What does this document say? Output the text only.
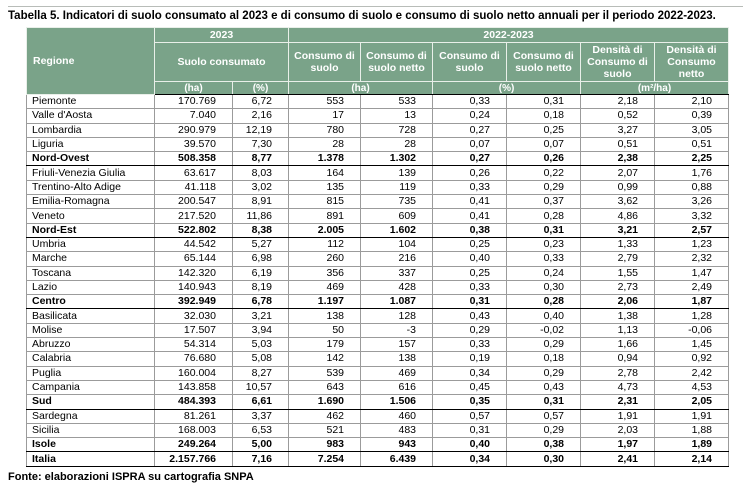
Tabella 5. Indicatori di suolo consumato al 2023 e di consumo di suolo e consumo di suolo netto annuali per il periodo 2022-2023.
Regione	2023		2022-2023					
	Suolo consumato		Consumo di suolo	Consumo di suolo netto	Consumo di suolo	Consumo di suolo netto	Densità di Consumo di suolo	Densità di Consumo netto
	(ha)	(%)	(ha)		(%)		(m²/ha)	
Piemonte	170.769	6,72	553	533	0,33	0,31	2,18	2,10
Valle d'Aosta	7.040	2,16	17	13	0,24	0,18	0,52	0,39
Lombardia	290.979	12,19	780	728	0,27	0,25	3,27	3,05
Liguria	39.570	7,30	28	28	0,07	0,07	0,51	0,51
Nord-Ovest	508.358	8,77	1.378	1.302	0,27	0,26	2,38	2,25
Friuli-Venezia Giulia	63.617	8,03	164	139	0,26	0,22	2,07	1,76
Trentino-Alto Adige	41.118	3,02	135	119	0,33	0,29	0,99	0,88
Emilia-Romagna	200.547	8,91	815	735	0,41	0,37	3,62	3,26
Veneto	217.520	11,86	891	609	0,41	0,28	4,86	3,32
Nord-Est	522.802	8,38	2.005	1.602	0,38	0,31	3,21	2,57
Umbria	44.542	5,27	112	104	0,25	0,23	1,33	1,23
Marche	65.144	6,98	260	216	0,40	0,33	2,79	2,32
Toscana	142.320	6,19	356	337	0,25	0,24	1,55	1,47
Lazio	140.943	8,19	469	428	0,33	0,30	2,73	2,49
Centro	392.949	6,78	1.197	1.087	0,31	0,28	2,06	1,87
Basilicata	32.030	3,21	138	128	0,43	0,40	1,38	1,28
Molise	17.507	3,94	50	-3	0,29	-0,02	1,13	-0,06
Abruzzo	54.314	5,03	179	157	0,33	0,29	1,66	1,45
Calabria	76.680	5,08	142	138	0,19	0,18	0,94	0,92
Puglia	160.004	8,27	539	469	0,34	0,29	2,78	2,42
Campania	143.858	10,57	643	616	0,45	0,43	4,73	4,53
Sud	484.393	6,61	1.690	1.506	0,35	0,31	2,31	2,05
Sardegna	81.261	3,37	462	460	0,57	0,57	1,91	1,91
Sicilia	168.003	6,53	521	483	0,31	0,29	2,03	1,88
Isole	249.264	5,00	983	943	0,40	0,38	1,97	1,89
Italia	2.157.766	7,16	7.254	6.439	0,34	0,30	2,41	2,14
Fonte: elaborazioni ISPRA su cartografia SNPA
